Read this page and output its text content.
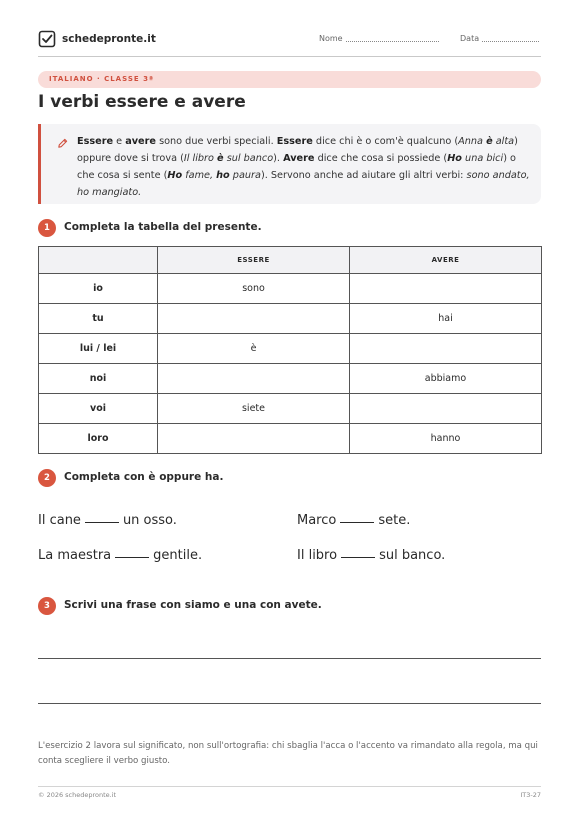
schedepronte.it	Nome	Data
ITALIANO · CLASSE 3ª
I verbi essere e avere

Essere e avere sono due verbi speciali. Essere dice chi è o com'è qualcuno (Anna è alta) oppure dove si trova (Il libro è sul banco). Avere dice che cosa si possiede (Ho una bici) o che cosa si sente (Ho fame, ho paura). Servono anche ad aiutare gli altri verbi: sono andato, ho mangiato.

1	Completa la tabella del presente.
	ESSERE	AVERE
io	sono	
tu		hai
lui / lei	è	
noi		abbiamo
voi	siete	
loro		hanno
2	Completa con è oppure ha.
Il cane	un osso.	Marco	sete.
La maestra	gentile.	Il libro	sul banco.
3	Scrivi una frase con siamo e una con avete.

L'esercizio 2 lavora sul significato, non sull'ortografia: chi sbaglia l'acca o l'accento va rimandato alla regola, ma qui conta scegliere il verbo giusto.

© 2026 schedepronte.it	IT3-27
